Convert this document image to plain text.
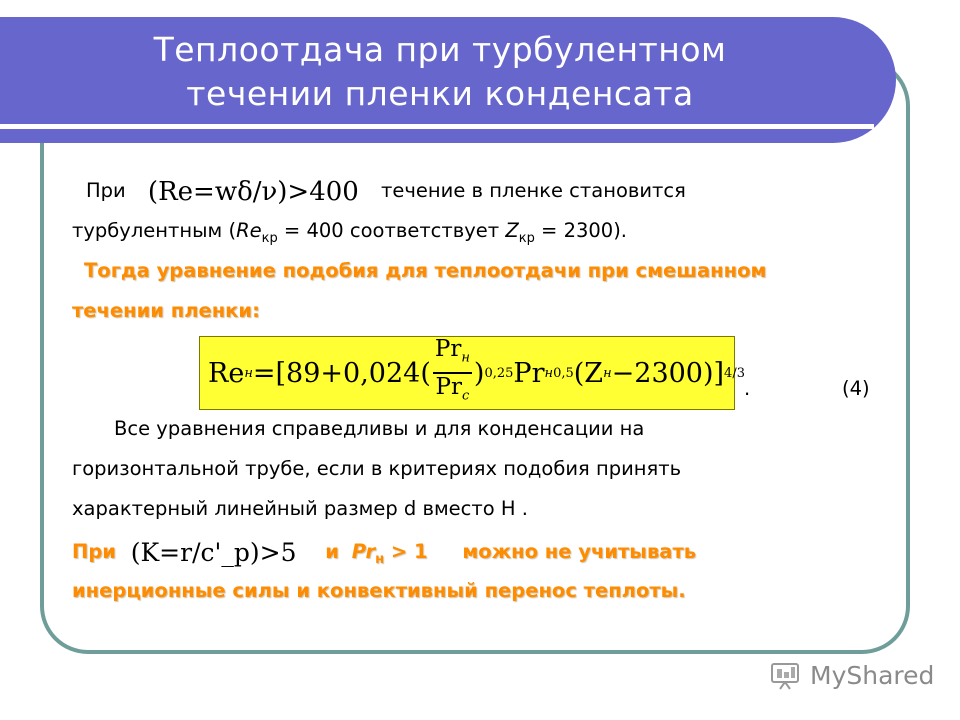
Теплоотдача при турбулентном
течении пленки конденсата
При (Re=wδ/ν)>400 течение в пленке становится
турбулентным ($Re_{кр} = 400$ соответствует $Z_{кр} = 2300$).
Тогда уравнение подобия для теплоотдачи при смешанном
течении пленки:
Re $н =[89+0,024( \frac{Pr_н}{Pr_с}$ ) 0,25 Pr н 0,5 (Z н −2300)] 4/3
.	(4)
Все уравнения справедливы и для конденсации на
горизонтальной трубе, если в критериях подобия принять
характерный линейный размер d вместо H .
При (K=r/c'_p)>5 и $Pr_н > 1$ можно не учитывать
инерционные силы и конвективный перенос теплоты.
MyShared
